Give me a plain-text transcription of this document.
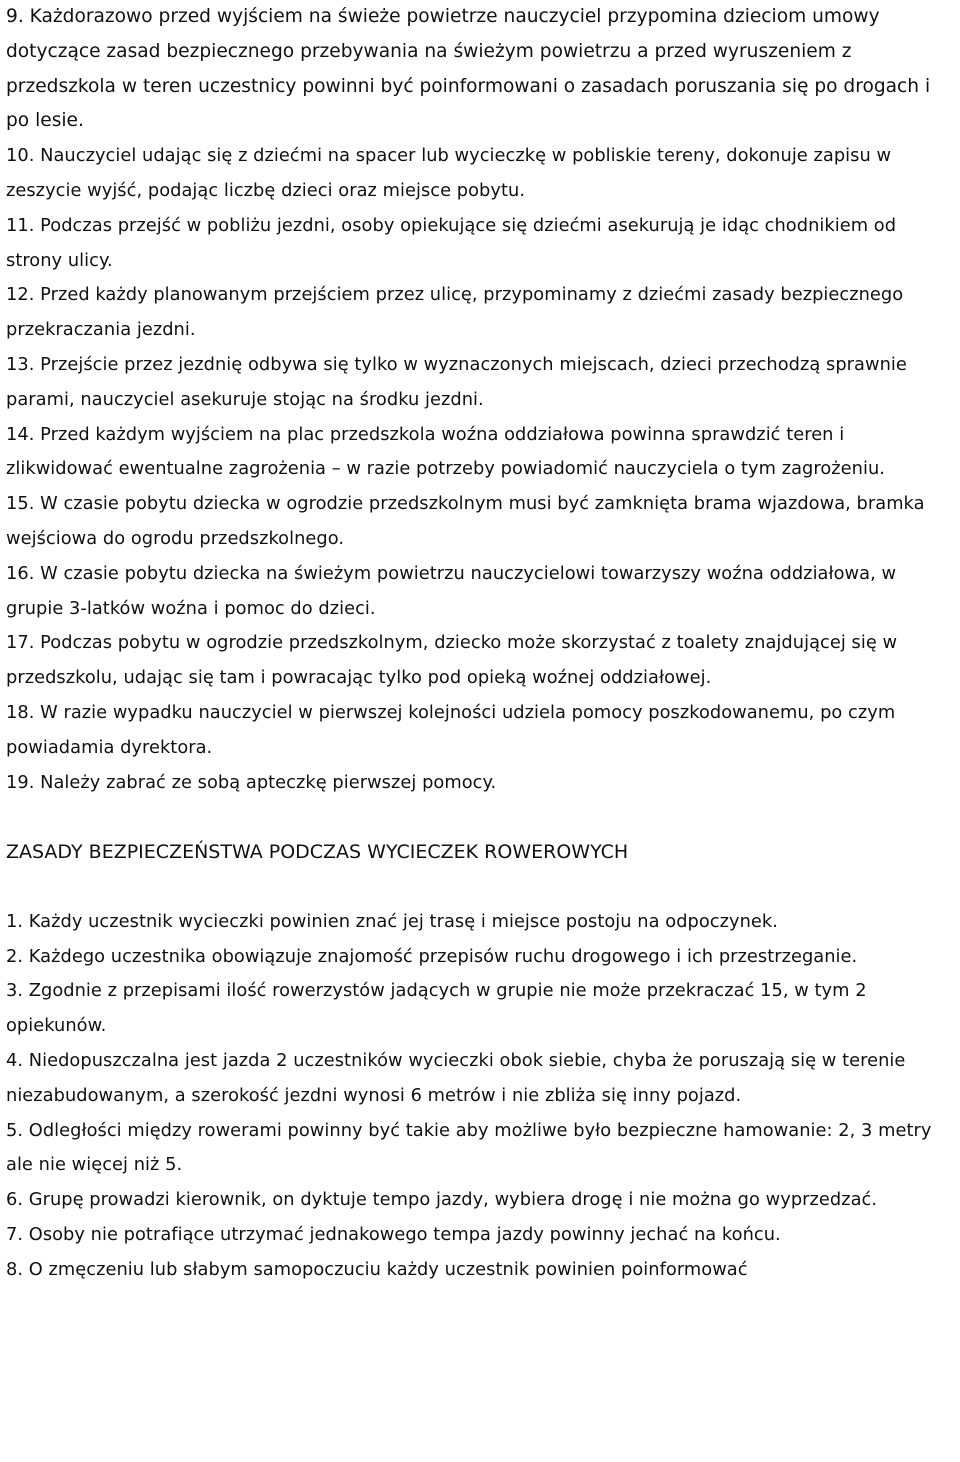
9. Każdorazowo przed wyjściem na świeże powietrze nauczyciel przypomina dzieciom umowy dotyczące zasad bezpiecznego przebywania na świeżym powietrzu a przed wyruszeniem z przedszkola w teren uczestnicy powinni być poinformowani o zasadach poruszania się po drogach i po lesie.

10. Nauczyciel udając się z dziećmi na spacer lub wycieczkę w pobliskie tereny, dokonuje zapisu w zeszycie wyjść, podając liczbę dzieci oraz miejsce pobytu.

11. Podczas przejść w pobliżu jezdni, osoby opiekujące się dziećmi asekurują je idąc chodnikiem od strony ulicy.

12. Przed każdy planowanym przejściem przez ulicę, przypominamy z dziećmi zasady bezpiecznego przekraczania jezdni.

13. Przejście przez jezdnię odbywa się tylko w wyznaczonych miejscach, dzieci przechodzą sprawnie parami, nauczyciel asekuruje stojąc na środku jezdni.

14. Przed każdym wyjściem na plac przedszkola woźna oddziałowa powinna sprawdzić teren i zlikwidować ewentualne zagrożenia – w razie potrzeby powiadomić nauczyciela o tym zagrożeniu.

15. W czasie pobytu dziecka w ogrodzie przedszkolnym musi być zamknięta brama wjazdowa, bramka wejściowa do ogrodu przedszkolnego.

16. W czasie pobytu dziecka na świeżym powietrzu nauczycielowi towarzyszy woźna oddziałowa, w grupie 3-latków woźna i pomoc do dzieci.

17. Podczas pobytu w ogrodzie przedszkolnym, dziecko może skorzystać z toalety znajdującej się w przedszkolu, udając się tam i powracając tylko pod opieką woźnej oddziałowej.

18. W razie wypadku nauczyciel w pierwszej kolejności udziela pomocy poszkodowanemu, po czym powiadamia dyrektora.

19. Należy zabrać ze sobą apteczkę pierwszej pomocy.

ZASADY BEZPIECZEŃSTWA PODCZAS WYCIECZEK ROWEROWYCH

1. Każdy uczestnik wycieczki powinien znać jej trasę i miejsce postoju na odpoczynek.

2. Każdego uczestnika obowiązuje znajomość przepisów ruchu drogowego i ich przestrzeganie.

3. Zgodnie z przepisami ilość rowerzystów jadących w grupie nie może przekraczać 15, w tym 2 opiekunów.

4. Niedopuszczalna jest jazda 2 uczestników wycieczki obok siebie, chyba że poruszają się w terenie niezabudowanym, a szerokość jezdni wynosi 6 metrów i nie zbliża się inny pojazd.

5. Odległości między rowerami powinny być takie aby możliwe było bezpieczne hamowanie: 2, 3 metry ale nie więcej niż 5.

6. Grupę prowadzi kierownik, on dyktuje tempo jazdy, wybiera drogę i nie można go wyprzedzać.

7. Osoby nie potrafiące utrzymać jednakowego tempa jazdy powinny jechać na końcu.

8. O zmęczeniu lub słabym samopoczuciu każdy uczestnik powinien poinformować
